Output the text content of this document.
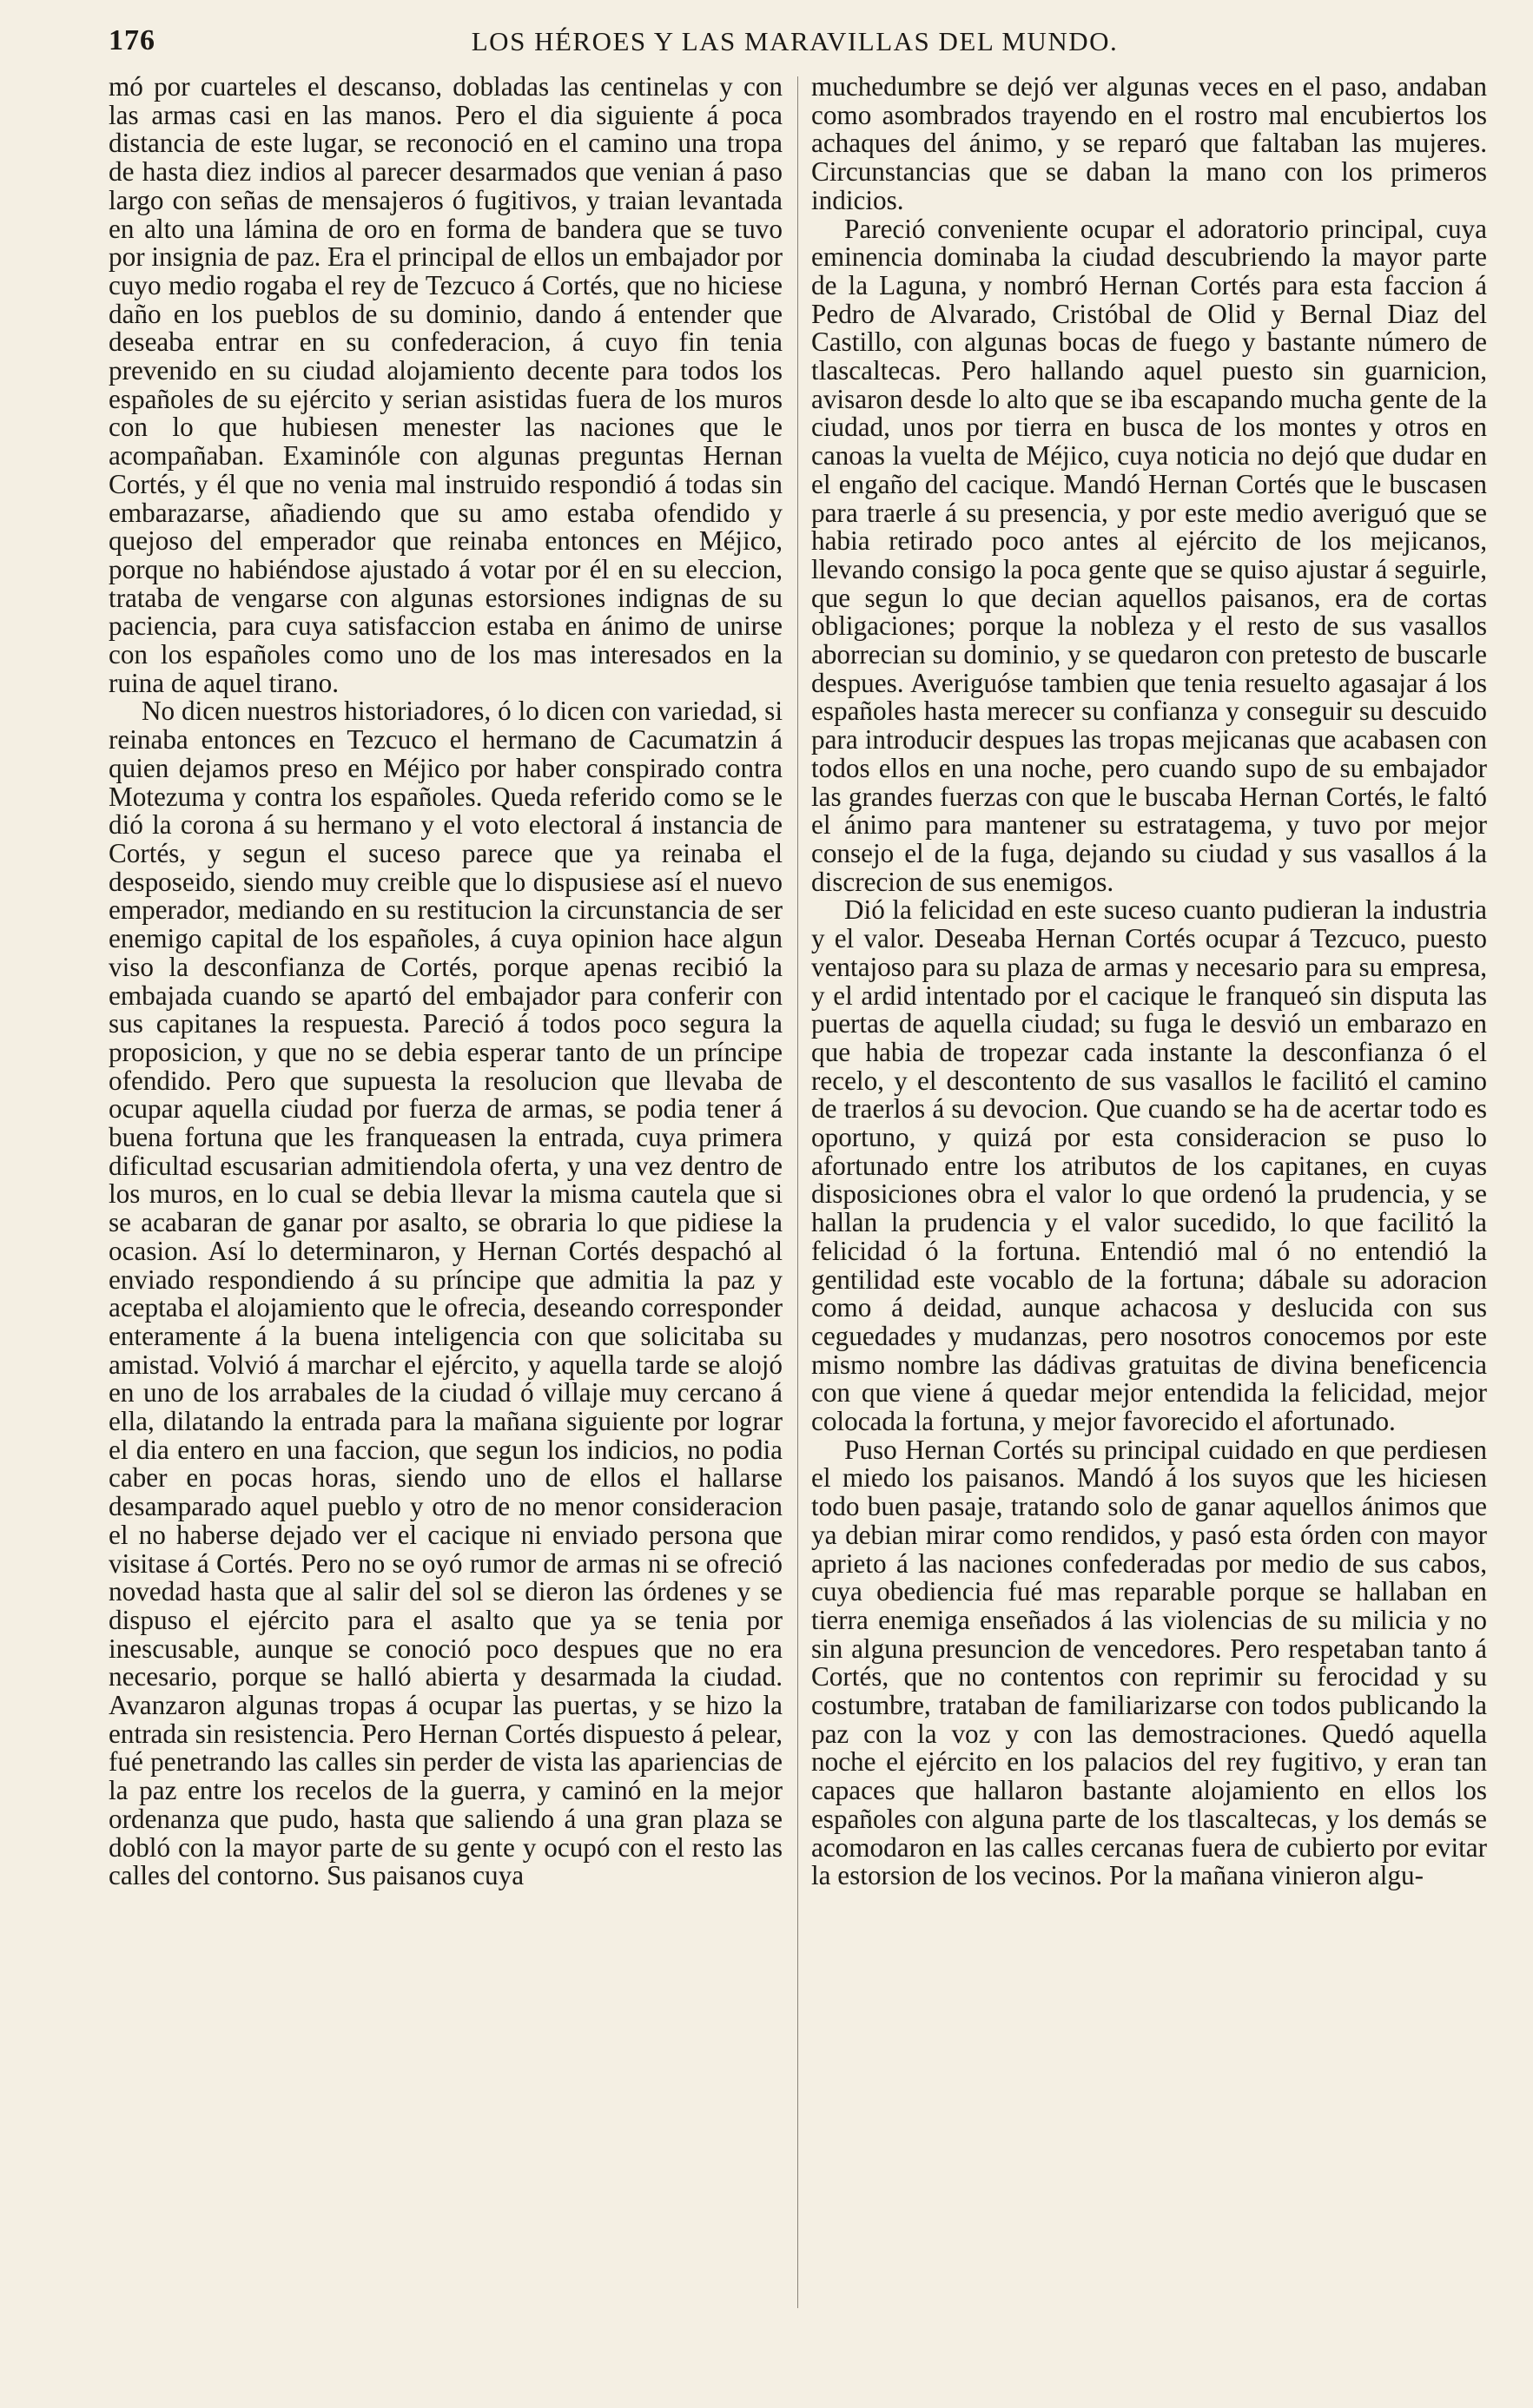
176	LOS HÉROES Y LAS MARAVILLAS DEL MUNDO.

mó por cuarteles el descanso, dobladas las centinelas y con las armas casi en las manos. Pero el dia siguiente á poca distancia de este lugar, se reconoció en el camino una tropa de hasta diez indios al parecer desarmados que venian á paso largo con señas de mensajeros ó fugitivos, y traian levantada en alto una lámina de oro en forma de bandera que se tuvo por insignia de paz. Era el principal de ellos un embajador por cuyo medio rogaba el rey de Tezcuco á Cortés, que no hiciese daño en los pueblos de su dominio, dando á entender que deseaba entrar en su confederacion, á cuyo fin tenia prevenido en su ciudad alojamiento decente para todos los españoles de su ejército y serian asistidas fuera de los muros con lo que hubiesen menester las naciones que le acompañaban. Examinóle con algunas preguntas Hernan Cortés, y él que no venia mal instruido respondió á todas sin embarazarse, añadiendo que su amo estaba ofendido y quejoso del emperador que reinaba entonces en Méjico, porque no habiéndose ajustado á votar por él en su eleccion, trataba de vengarse con algunas estorsiones indignas de su paciencia, para cuya satisfaccion estaba en ánimo de unirse con los españoles como uno de los mas interesados en la ruina de aquel tirano.

No dicen nuestros historiadores, ó lo dicen con variedad, si reinaba entonces en Tezcuco el hermano de Cacumatzin á quien dejamos preso en Méjico por haber conspirado contra Motezuma y contra los españoles. Queda referido como se le dió la corona á su hermano y el voto electoral á instancia de Cortés, y segun el suceso parece que ya reinaba el desposeido, siendo muy creible que lo dispusiese así el nuevo emperador, mediando en su restitucion la circunstancia de ser enemigo capital de los españoles, á cuya opinion hace algun viso la desconfianza de Cortés, porque apenas recibió la embajada cuando se apartó del embajador para conferir con sus capitanes la respuesta. Pareció á todos poco segura la proposicion, y que no se debia esperar tanto de un príncipe ofendido. Pero que supuesta la resolucion que llevaba de ocupar aquella ciudad por fuerza de armas, se podia tener á buena fortuna que les franqueasen la entrada, cuya primera dificultad escusarian admitiendola oferta, y una vez dentro de los muros, en lo cual se debia llevar la misma cautela que si se acabaran de ganar por asalto, se obraria lo que pidiese la ocasion. Así lo determinaron, y Hernan Cortés despachó al enviado respondiendo á su príncipe que admitia la paz y aceptaba el alojamiento que le ofrecia, deseando corresponder enteramente á la buena inteligencia con que solicitaba su amistad. Volvió á marchar el ejército, y aquella tarde se alojó en uno de los arrabales de la ciudad ó villaje muy cercano á ella, dilatando la entrada para la mañana siguiente por lograr el dia entero en una faccion, que segun los indicios, no podia caber en pocas horas, siendo uno de ellos el hallarse desamparado aquel pueblo y otro de no menor consideracion el no haberse dejado ver el cacique ni enviado persona que visitase á Cortés. Pero no se oyó rumor de armas ni se ofreció novedad hasta que al salir del sol se dieron las órdenes y se dispuso el ejército para el asalto que ya se tenia por inescusable, aunque se conoció poco despues que no era necesario, porque se halló abierta y desarmada la ciudad. Avanzaron algunas tropas á ocupar las puertas, y se hizo la entrada sin resistencia. Pero Hernan Cortés dispuesto á pelear, fué penetrando las calles sin perder de vista las apariencias de la paz entre los recelos de la guerra, y caminó en la mejor ordenanza que pudo, hasta que saliendo á una gran plaza se dobló con la mayor parte de su gente y ocupó con el resto las calles del contorno. Sus paisanos cuya

muchedumbre se dejó ver algunas veces en el paso, andaban como asombrados trayendo en el rostro mal encubiertos los achaques del ánimo, y se reparó que faltaban las mujeres. Circunstancias que se daban la mano con los primeros indicios.

Pareció conveniente ocupar el adoratorio principal, cuya eminencia dominaba la ciudad descubriendo la mayor parte de la Laguna, y nombró Hernan Cortés para esta faccion á Pedro de Alvarado, Cristóbal de Olid y Bernal Diaz del Castillo, con algunas bocas de fuego y bastante número de tlascaltecas. Pero hallando aquel puesto sin guarnicion, avisaron desde lo alto que se iba escapando mucha gente de la ciudad, unos por tierra en busca de los montes y otros en canoas la vuelta de Méjico, cuya noticia no dejó que dudar en el engaño del cacique. Mandó Hernan Cortés que le buscasen para traerle á su presencia, y por este medio averiguó que se habia retirado poco antes al ejército de los mejicanos, llevando consigo la poca gente que se quiso ajustar á seguirle, que segun lo que decian aquellos paisanos, era de cortas obligaciones; porque la nobleza y el resto de sus vasallos aborrecian su dominio, y se quedaron con pretesto de buscarle despues. Averiguóse tambien que tenia resuelto agasajar á los españoles hasta merecer su confianza y conseguir su descuido para introducir despues las tropas mejicanas que acabasen con todos ellos en una noche, pero cuando supo de su embajador las grandes fuerzas con que le buscaba Hernan Cortés, le faltó el ánimo para mantener su estratagema, y tuvo por mejor consejo el de la fuga, dejando su ciudad y sus vasallos á la discrecion de sus enemigos.

Dió la felicidad en este suceso cuanto pudieran la industria y el valor. Deseaba Hernan Cortés ocupar á Tezcuco, puesto ventajoso para su plaza de armas y necesario para su empresa, y el ardid intentado por el cacique le franqueó sin disputa las puertas de aquella ciudad; su fuga le desvió un embarazo en que habia de tropezar cada instante la desconfianza ó el recelo, y el descontento de sus vasallos le facilitó el camino de traerlos á su devocion. Que cuando se ha de acertar todo es oportuno, y quizá por esta consideracion se puso lo afortunado entre los atributos de los capitanes, en cuyas disposiciones obra el valor lo que ordenó la prudencia, y se hallan la prudencia y el valor sucedido, lo que facilitó la felicidad ó la fortuna. Entendió mal ó no entendió la gentilidad este vocablo de la fortuna; dábale su adoracion como á deidad, aunque achacosa y deslucida con sus ceguedades y mudanzas, pero nosotros conocemos por este mismo nombre las dádivas gratuitas de divina beneficencia con que viene á quedar mejor entendida la felicidad, mejor colocada la fortuna, y mejor favorecido el afortunado.

Puso Hernan Cortés su principal cuidado en que perdiesen el miedo los paisanos. Mandó á los suyos que les hiciesen todo buen pasaje, tratando solo de ganar aquellos ánimos que ya debian mirar como rendidos, y pasó esta órden con mayor aprieto á las naciones confederadas por medio de sus cabos, cuya obediencia fué mas reparable porque se hallaban en tierra enemiga enseñados á las violencias de su milicia y no sin alguna presuncion de vencedores. Pero respetaban tanto á Cortés, que no contentos con reprimir su ferocidad y su costumbre, trataban de familiarizarse con todos publicando la paz con la voz y con las demostraciones. Quedó aquella noche el ejército en los palacios del rey fugitivo, y eran tan capaces que hallaron bastante alojamiento en ellos los españoles con alguna parte de los tlascaltecas, y los demás se acomodaron en las calles cercanas fuera de cubierto por evitar la estorsion de los vecinos. Por la mañana vinieron algu-
